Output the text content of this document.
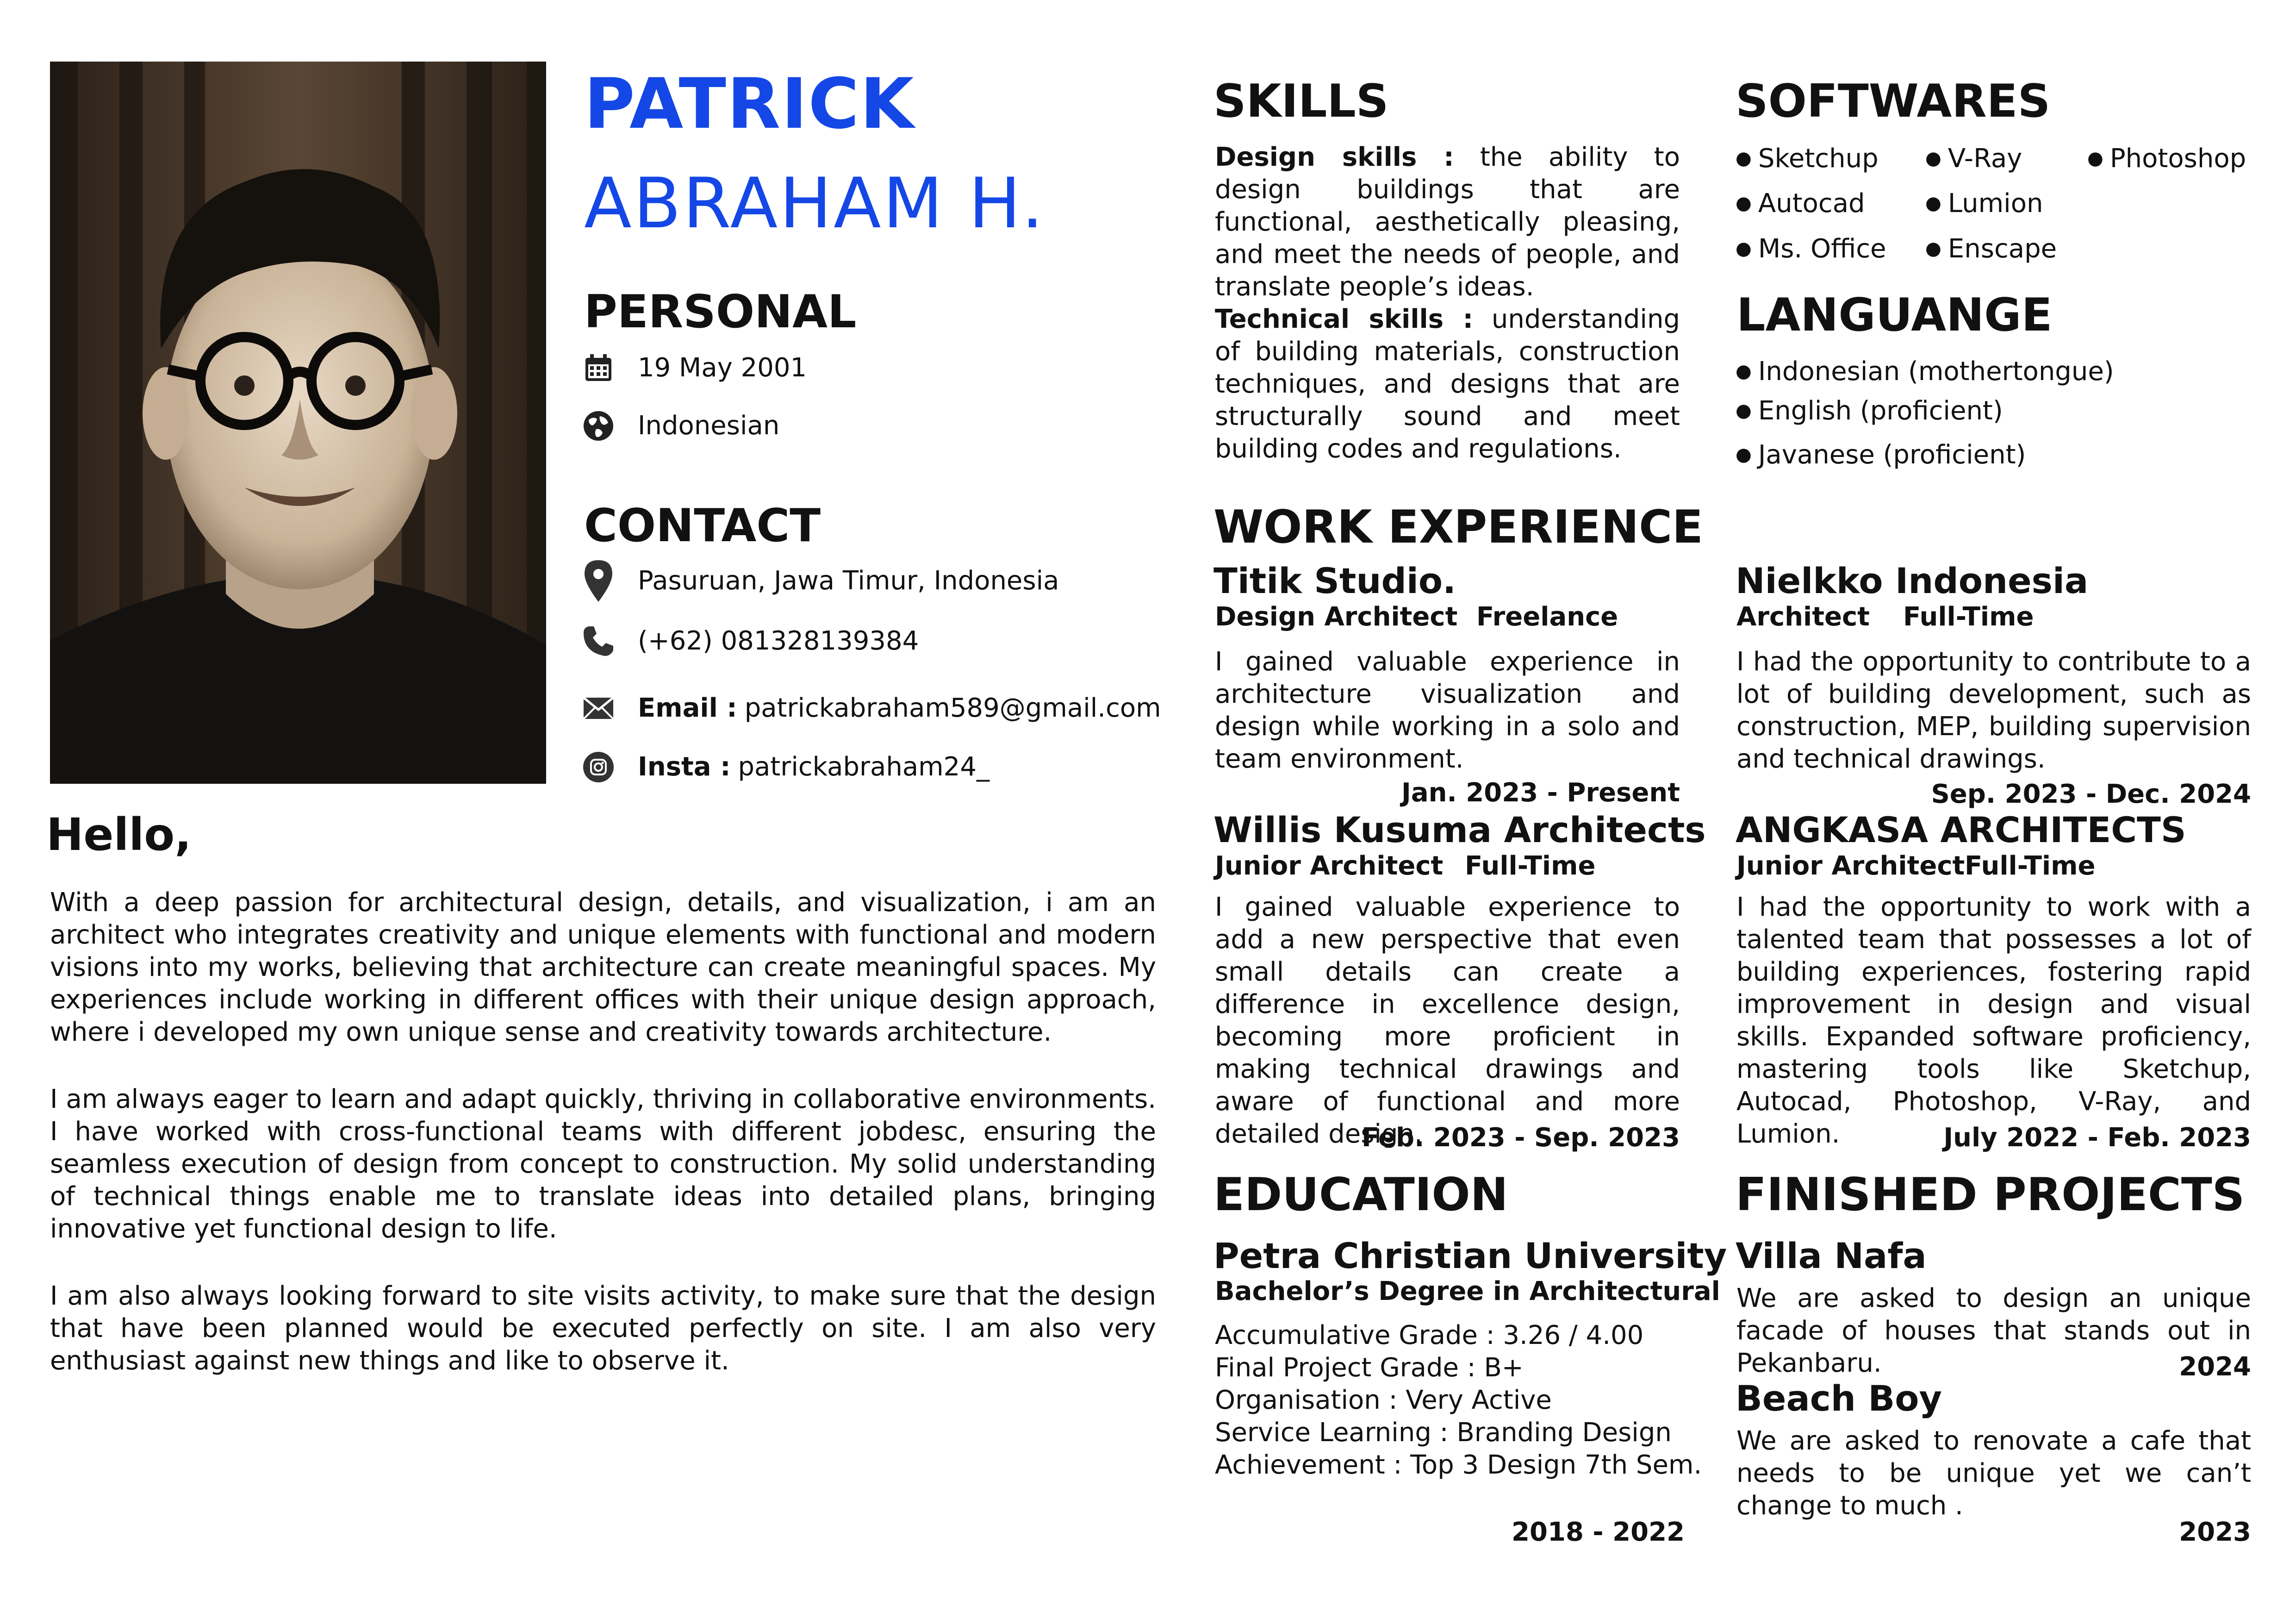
PATRICK
ABRAHAM H.
PERSONAL
19 May 2001
Indonesian
CONTACT
Pasuruan, Jawa Timur, Indonesia
(+62) 081328139384
Email : patrickabraham589@gmail.com
Insta : patrickabraham24_
Hello,
With a deep passion for architectural design, details, and visualization, i am an architect who integrates creativity and unique elements with functional and modern visions into my works, believing that architecture can create meaningful spaces. My experiences include working in different offices with their unique design approach, where i developed my own unique sense and creativity towards architecture.
I am always eager to learn and adapt quickly, thriving in collaborative environments. I have worked with cross-functional teams with different jobdesc, ensuring the seamless execution of design from concept to construction. My solid understanding of technical things enable me to translate ideas into detailed plans, bringing innovative yet functional design to life.
I am also always looking forward to site visits activity, to make sure that the design that have been planned would be executed perfectly on site. I am also very enthusiast against new things and like to observe it.
SKILLS
Design skills : the ability to design buildings that are functional, aesthetically pleasing, and meet the needs of people, and translate people’s ideas.
Technical skills : understanding of building materials, construction techniques, and designs that are structurally sound and meet building codes and regulations.
SOFTWARES
● Sketchup	● V-Ray	● Photoshop
● Autocad	● Lumion
● Ms. Office	● Enscape
LANGUANGE
● Indonesian (mothertongue)
● English (proficient)
● Javanese (proficient)
WORK EXPERIENCE
Titik Studio.
Design Architect Freelance
I gained valuable experience in architecture visualization and design while working in a solo and team environment.
Jan. 2023 - Present
Nielkko Indonesia
Architect Full-Time
I had the opportunity to contribute to a lot of building development, such as construction, MEP, building supervision and technical drawings.
Sep. 2023 - Dec. 2024
Willis Kusuma Architects
Junior Architect Full-Time
I gained valuable experience to add a new perspective that even small details can create a difference in excellence design, becoming more proficient in making technical drawings and aware of functional and more detailed design.
Feb. 2023 - Sep. 2023
ANGKASA ARCHITECTS
Junior Architect Full-Time
I had the opportunity to work with a talented team that possesses a lot of building experiences, fostering rapid improvement in design and visual skills. Expanded software proficiency, mastering tools like Sketchup, Autocad, Photoshop, V-Ray, and Lumion.	July 2022 - Feb. 2023
EDUCATION
Petra Christian University
Bachelor’s Degree in Architectural
Accumulative Grade : 3.26 / 4.00
Final Project Grade : B+
Organisation : Very Active
Service Learning : Branding Design
Achievement : Top 3 Design 7th Sem.
2018 - 2022
FINISHED PROJECTS
Villa Nafa
We are asked to design an unique facade of houses that stands out in Pekanbaru.	2024
Beach Boy
We are asked to renovate a cafe that needs to be unique yet we can’t change to much .
2023
